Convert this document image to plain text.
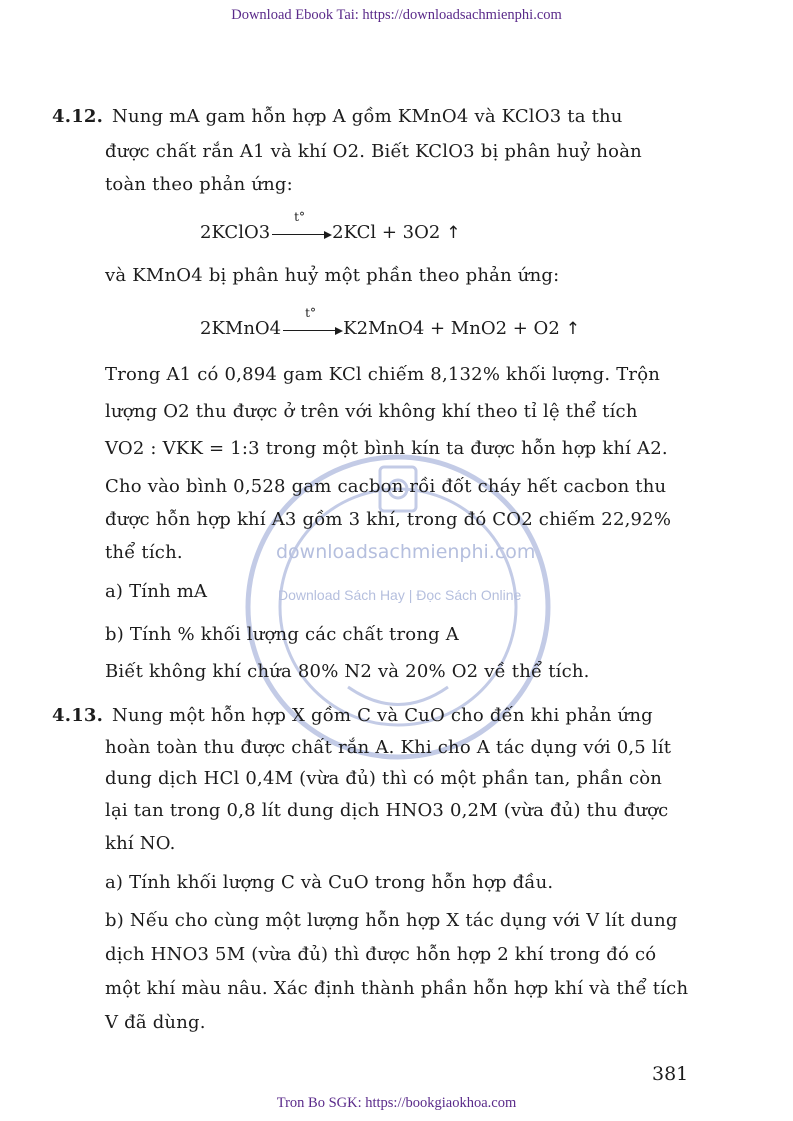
Download Ebook Tai: https://downloadsachmienphi.com
downloadsachmienphi.com
Download Sách Hay | Đọc Sách Online
4.12. Nung mA gam hỗn hợp A gồm KMnO4 và KClO3 ta thu
được chất rắn A1 và khí O2. Biết KClO3 bị phân huỷ hoàn
toàn theo phản ứng:
2KClO3
t°
2KCl + 3O2 ↑
và KMnO4 bị phân huỷ một phần theo phản ứng:
2KMnO4
t°
K2MnO4 + MnO2 + O2 ↑
Trong A1 có 0,894 gam KCl chiếm 8,132% khối lượng. Trộn
lượng O2 thu được ở trên với không khí theo tỉ lệ thể tích
VO2 : VKK = 1:3 trong một bình kín ta được hỗn hợp khí A2.
Cho vào bình 0,528 gam cacbon rồi đốt cháy hết cacbon thu
được hỗn hợp khí A3 gồm 3 khí, trong đó CO2 chiếm 22,92%
thể tích.
a) Tính mA
b) Tính % khối lượng các chất trong A
Biết không khí chứa 80% N2 và 20% O2 về thể tích.
4.13. Nung một hỗn hợp X gồm C và CuO cho đến khi phản ứng
hoàn toàn thu được chất rắn A. Khi cho A tác dụng với 0,5 lít
dung dịch HCl 0,4M (vừa đủ) thì có một phần tan, phần còn
lại tan trong 0,8 lít dung dịch HNO3 0,2M (vừa đủ) thu được
khí NO.
a) Tính khối lượng C và CuO trong hỗn hợp đầu.
b) Nếu cho cùng một lượng hỗn hợp X tác dụng với V lít dung
dịch HNO3 5M (vừa đủ) thì được hỗn hợp 2 khí trong đó có
một khí màu nâu. Xác định thành phần hỗn hợp khí và thể tích
V đã dùng.
381
Tron Bo SGK: https://bookgiaokhoa.com
